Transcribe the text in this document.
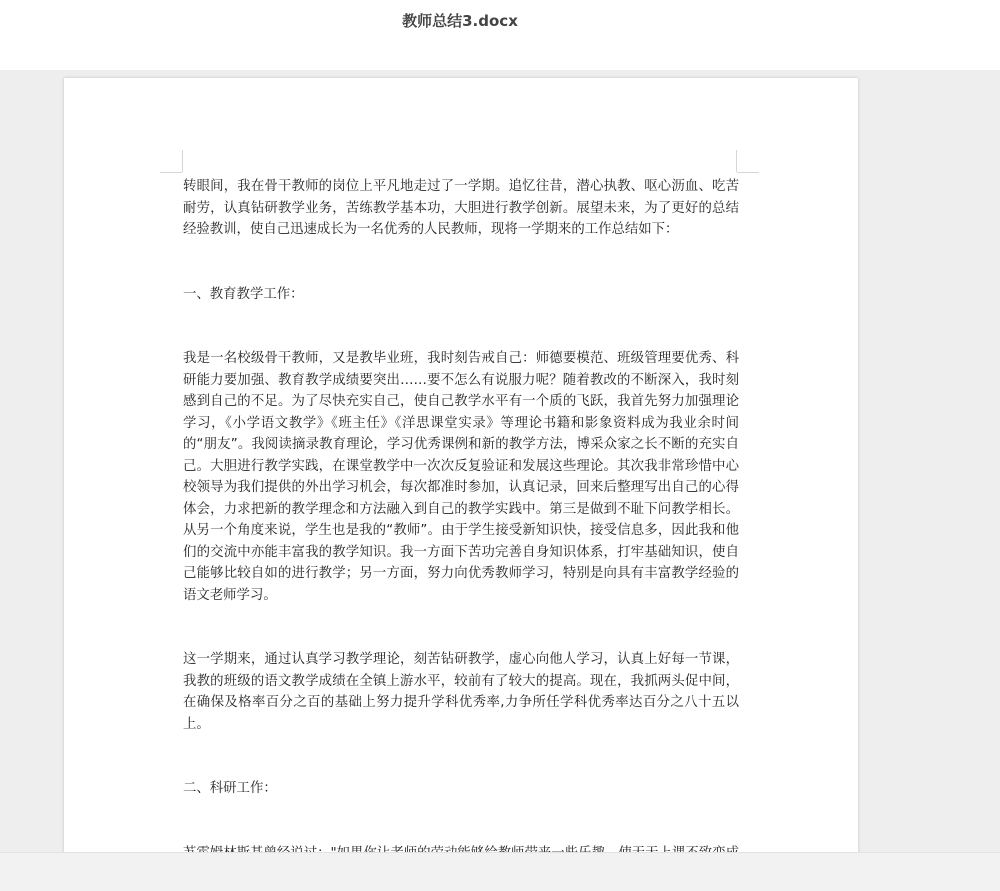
教师总结3.docx

转眼间，我在骨干教师的岗位上平凡地走过了一学期。追忆往昔，潜心执教、呕心沥血、吃苦耐劳，认真钻研教学业务，苦练教学基本功，大胆进行教学创新。展望未来，为了更好的总结经验教训，使自己迅速成长为一名优秀的人民教师，现将一学期来的工作总结如下：

一、教育教学工作：

我是一名校级骨干教师，又是教毕业班，我时刻告戒自己：师德要模范、班级管理要优秀、科研能力要加强、教育教学成绩要突出……要不怎么有说服力呢？随着教改的不断深入，我时刻感到自己的不足。为了尽快充实自己，使自己教学水平有一个质的飞跃，我首先努力加强理论学习，《小学语文教学》《班主任》《洋思课堂实录》等理论书籍和影象资料成为我业余时间的“朋友”。我阅读摘录教育理论，学习优秀课例和新的教学方法，博采众家之长不断的充实自己。大胆进行教学实践，在课堂教学中一次次反复验证和发展这些理论。其次我非常珍惜中心校领导为我们提供的外出学习机会，每次都准时参加，认真记录，回来后整理写出自己的心得体会，力求把新的教学理念和方法融入到自己的教学实践中。第三是做到不耻下问教学相长。从另一个角度来说，学生也是我的“教师”。由于学生接受新知识快，接受信息多，因此我和他们的交流中亦能丰富我的教学知识。我一方面下苦功完善自身知识体系，打牢基础知识，使自己能够比较自如的进行教学；另一方面，努力向优秀教师学习，特别是向具有丰富教学经验的语文老师学习。

这一学期来，通过认真学习教学理论，刻苦钻研教学，虚心向他人学习，认真上好每一节课，我教的班级的语文教学成绩在全镇上游水平，较前有了较大的提高。现在，我抓两头促中间，在确保及格率百分之百的基础上努力提升学科优秀率,力争所任学科优秀率达百分之八十五以上。

二、科研工作：
